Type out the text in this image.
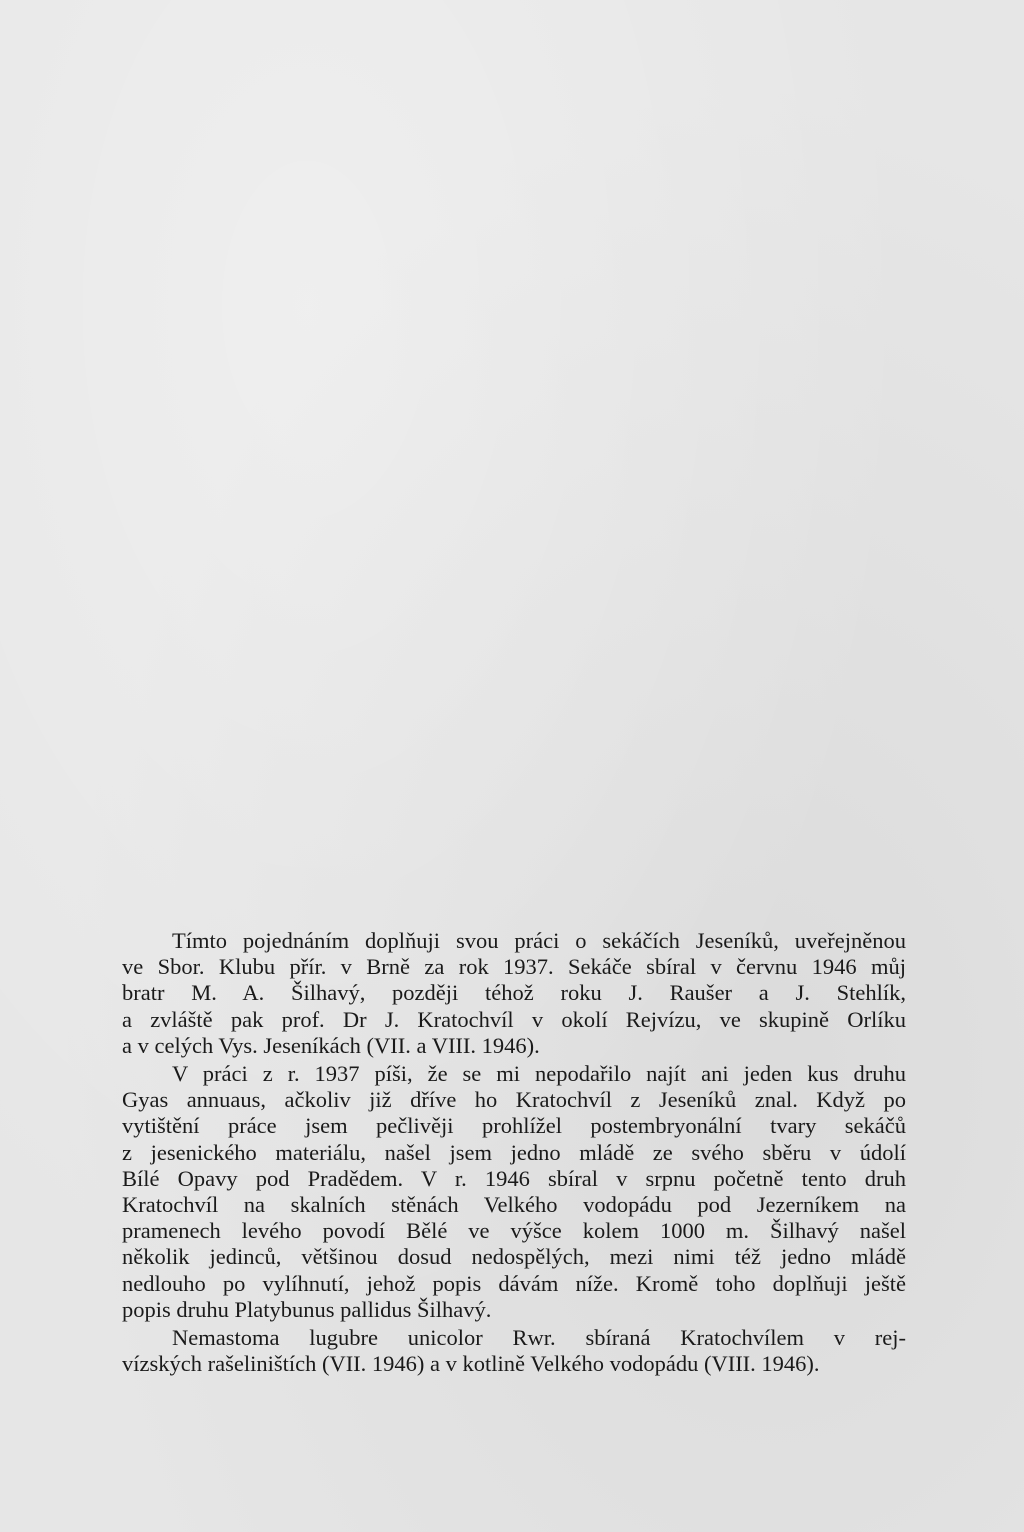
Tímto pojednáním doplňuji svou práci o sekáčích Jeseníků, uveřejněnou
ve Sbor. Klubu přír. v Brně za rok 1937. Sekáče sbíral v červnu 1946 můj
bratr M. A. Šilhavý, později téhož roku J. Raušer a J. Stehlík,
a zvláště pak prof. Dr J. Kratochvíl v okolí Rejvízu, ve skupině Orlíku
a v celých Vys. Jeseníkách (VII. a VIII. 1946).
V práci z r. 1937 píši, že se mi nepodařilo najít ani jeden kus druhu
Gyas annuaus, ačkoliv již dříve ho Kratochvíl z Jeseníků znal. Když po
vytištění práce jsem pečlivěji prohlížel postembryonální tvary sekáčů
z jesenického materiálu, našel jsem jedno mládě ze svého sběru v údolí
Bílé Opavy pod Pradědem. V r. 1946 sbíral v srpnu početně tento druh
Kratochvíl na skalních stěnách Velkého vodopádu pod Jezerníkem na
pramenech levého povodí Bělé ve výšce kolem 1000 m. Šilhavý našel
několik jedinců, většinou dosud nedospělých, mezi nimi též jedno mládě
nedlouho po vylíhnutí, jehož popis dávám níže. Kromě toho doplňuji ještě
popis druhu Platybunus pallidus Šilhavý.
Nemastoma lugubre unicolor Rwr. sbíraná Kratochvílem v rej-
vízských rašeliništích (VII. 1946) a v kotlině Velkého vodopádu (VIII. 1946).
